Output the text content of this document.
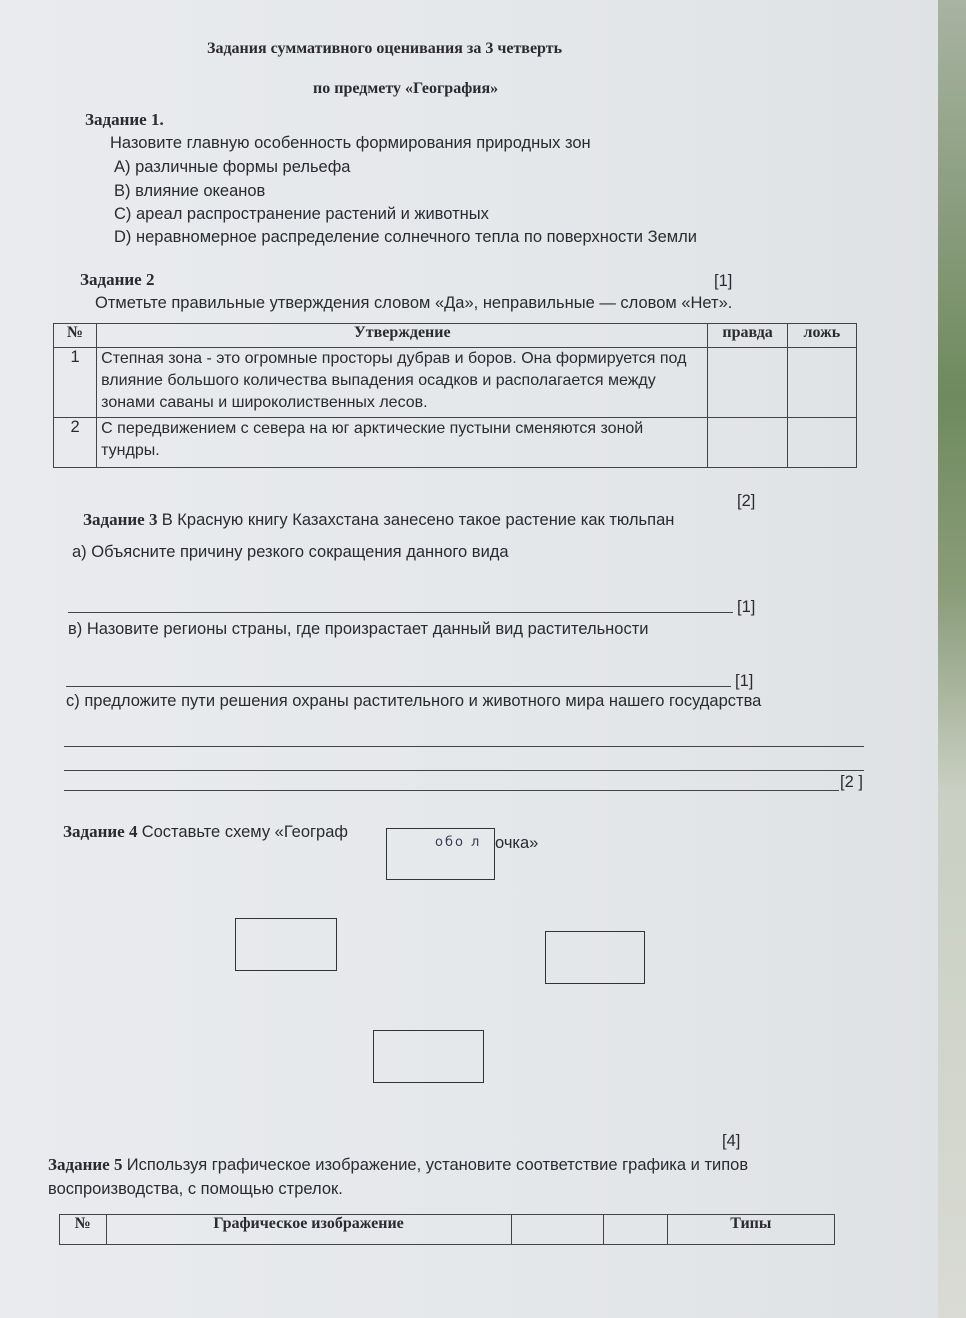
Задания суммативного оценивания за 3 четверть
по предмету «География»
Задание 1.
Назовите главную особенность формирования природных зон
A) различные формы рельефа
B) влияние океанов
C) ареал распространение растений и животных
D) неравномерное распределение солнечного тепла по поверхности Земли
Задание 2	[1]
Отметьте правильные утверждения словом «Да», неправильные — словом «Нет».
№	Утверждение	правда	ложь
1	Степная зона - это огромные просторы дубрав и боров. Она формируется под влияние большого количества выпадения осадков и располагается между зонами саваны и широколиственных лесов.		
2	С передвижением с севера на юг арктические пустыни сменяются зоной тундры.		
[2]
Задание 3 В Красную книгу Казахстана занесено такое растение как тюльпан
а) Объясните причину резкого сокращения данного вида
[1]
в) Назовите регионы страны, где произрастает данный вид растительности
[1]
с) предложите пути решения охраны растительного и животного мира нашего государства
[2 ]
Задание 4 Составьте схему «Географ
очка»
обо л
[4]
Задание 5 Используя графическое изображение, установите соответствие графика и типов
воспроизводства, с помощью стрелок.
№	Графическое изображение			Типы
